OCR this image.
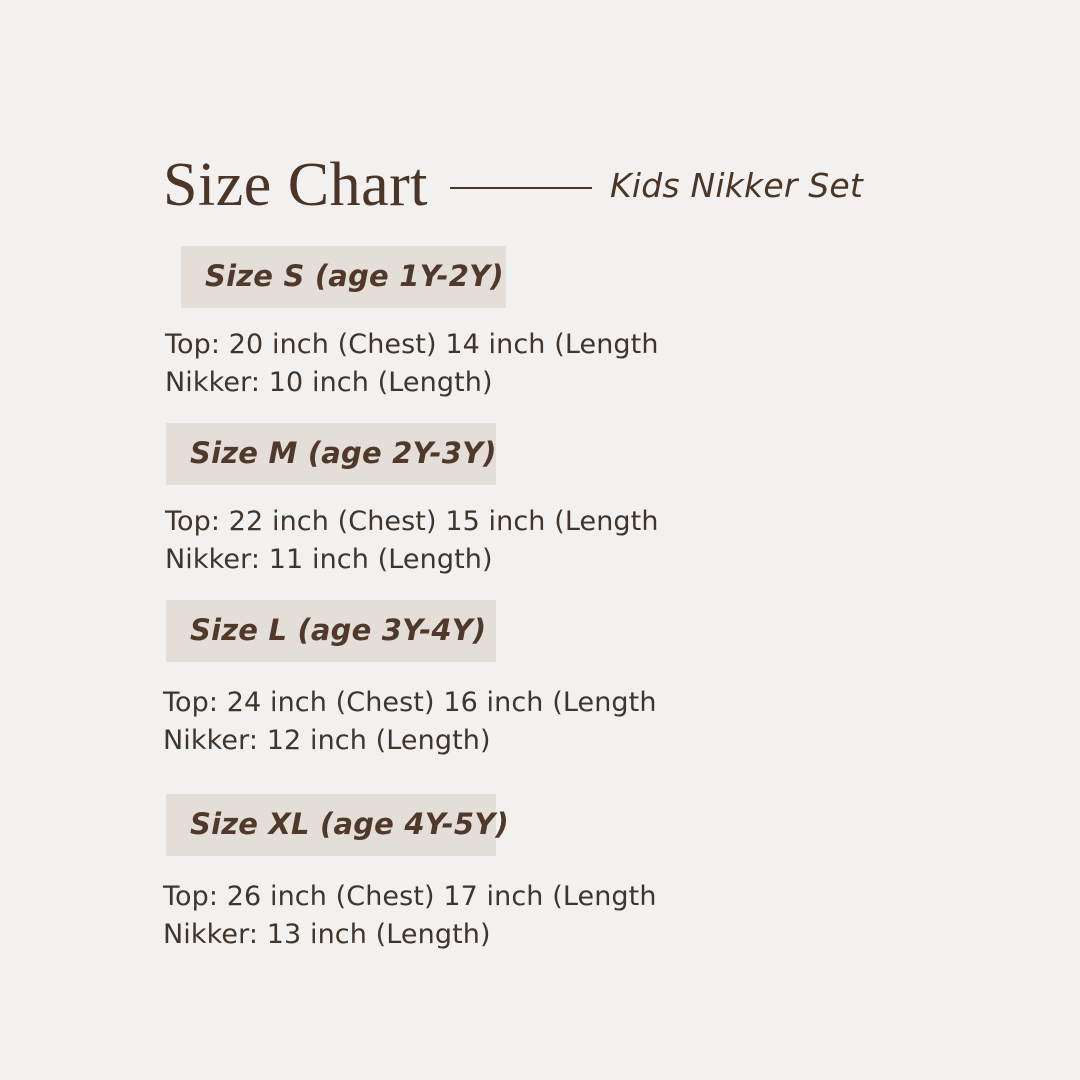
Size Chart	Kids Nikker Set
Size S (age 1Y-2Y)
Top: 20 inch (Chest) 14 inch (Length
Nikker: 10 inch (Length)
Size M (age 2Y-3Y)
Top: 22 inch (Chest) 15 inch (Length
Nikker: 11 inch (Length)
Size L (age 3Y-4Y)
Top: 24 inch (Chest) 16 inch (Length
Nikker: 12 inch (Length)
Size XL (age 4Y-5Y)
Top: 26 inch (Chest) 17 inch (Length
Nikker: 13 inch (Length)
